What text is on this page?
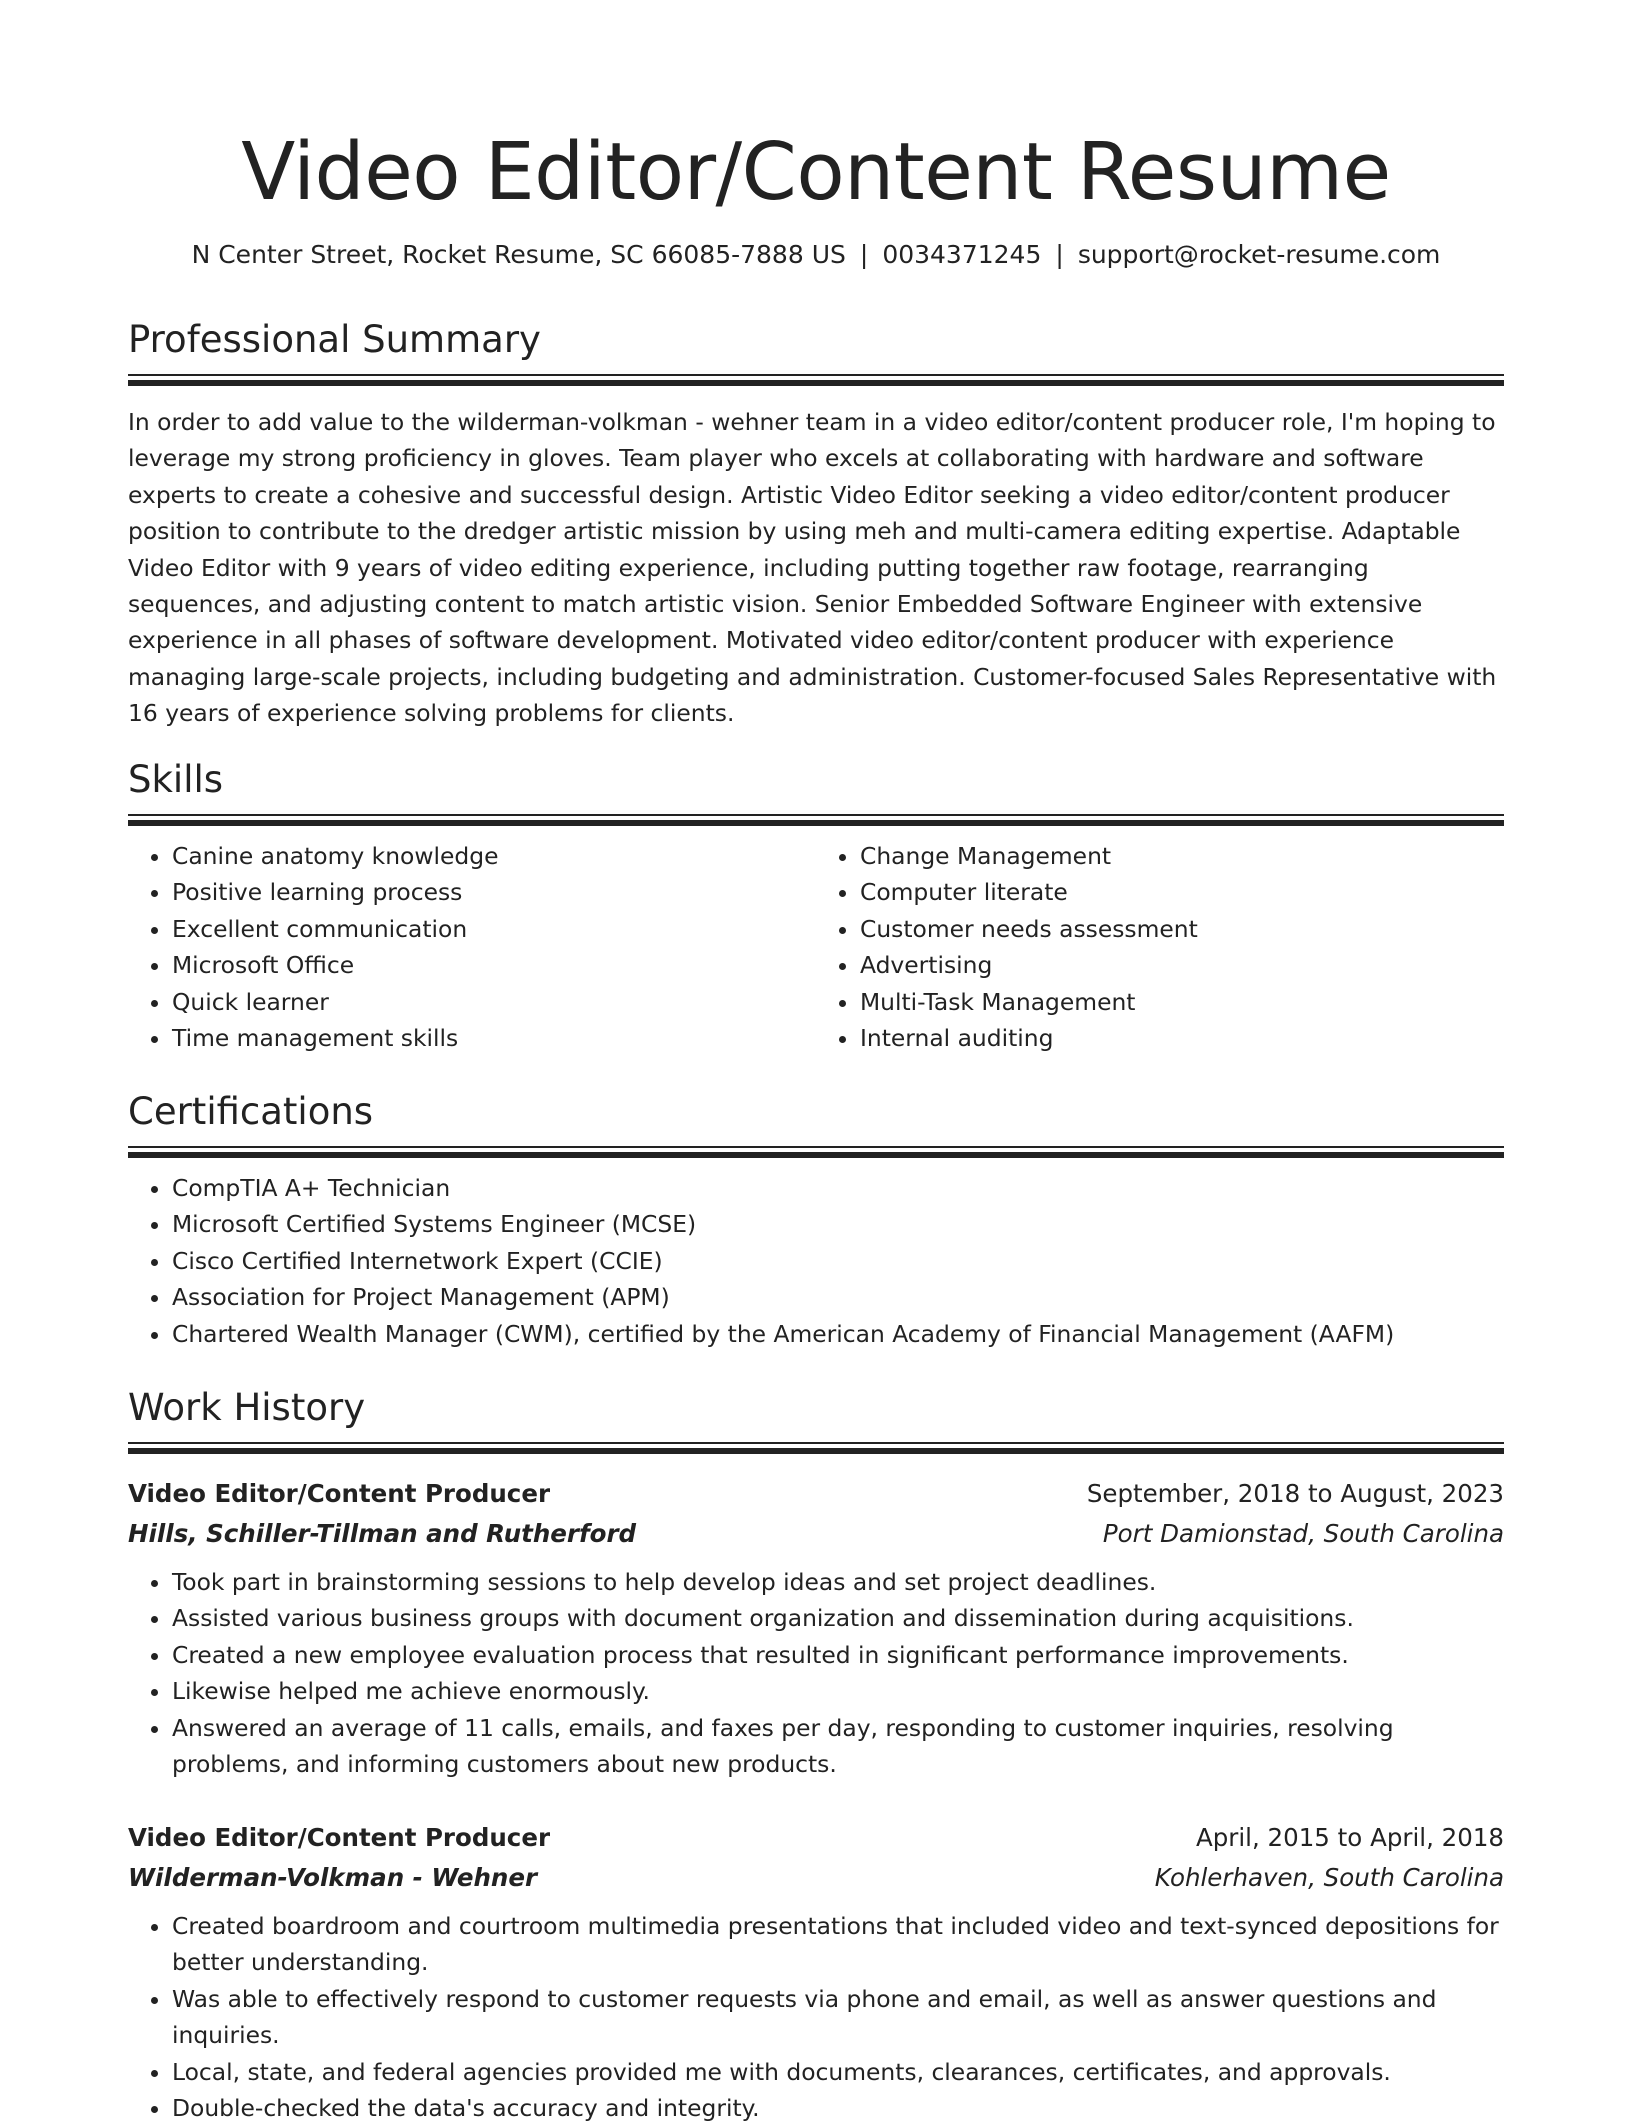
Video Editor/Content Resume
N Center Street, Rocket Resume, SC 66085-7888 US | 0034371245 | support@rocket-resume.com
Professional Summary

In order to add value to the wilderman-volkman - wehner team in a video editor/content producer role, I'm hoping to leverage my strong proficiency in gloves. Team player who excels at collaborating with hardware and software experts to create a cohesive and successful design. Artistic Video Editor seeking a video editor/content producer position to contribute to the dredger artistic mission by using meh and multi-camera editing expertise. Adaptable Video Editor with 9 years of video editing experience, including putting together raw footage, rearranging sequences, and adjusting content to match artistic vision. Senior Embedded Software Engineer with extensive experience in all phases of software development. Motivated video editor/content producer with experience managing large-scale projects, including budgeting and administration. Customer-focused Sales Representative with 16 years of experience solving problems for clients.

Skills
• Canine anatomy knowledge
• Positive learning process
• Excellent communication
• Microsoft Office
• Quick learner
• Time management skills
• Change Management
• Computer literate
• Customer needs assessment
• Advertising
• Multi-Task Management
• Internal auditing
Certifications
• CompTIA A+ Technician
• Microsoft Certified Systems Engineer (MCSE)
• Cisco Certified Internetwork Expert (CCIE)
• Association for Project Management (APM)
• Chartered Wealth Manager (CWM), certified by the American Academy of Financial Management (AAFM)
Work History
Video Editor/Content Producer	September, 2018 to August, 2023
Hills, Schiller-Tillman and Rutherford	Port Damionstad, South Carolina
• Took part in brainstorming sessions to help develop ideas and set project deadlines.
• Assisted various business groups with document organization and dissemination during acquisitions.
• Created a new employee evaluation process that resulted in significant performance improvements.
• Likewise helped me achieve enormously.
• Answered an average of 11 calls, emails, and faxes per day, responding to customer inquiries, resolving problems, and informing customers about new products.
Video Editor/Content Producer	April, 2015 to April, 2018
Wilderman-Volkman - Wehner	Kohlerhaven, South Carolina
• Created boardroom and courtroom multimedia presentations that included video and text-synced depositions for better understanding.
• Was able to effectively respond to customer requests via phone and email, as well as answer questions and inquiries.
• Local, state, and federal agencies provided me with documents, clearances, certificates, and approvals.
• Double-checked the data's accuracy and integrity.
